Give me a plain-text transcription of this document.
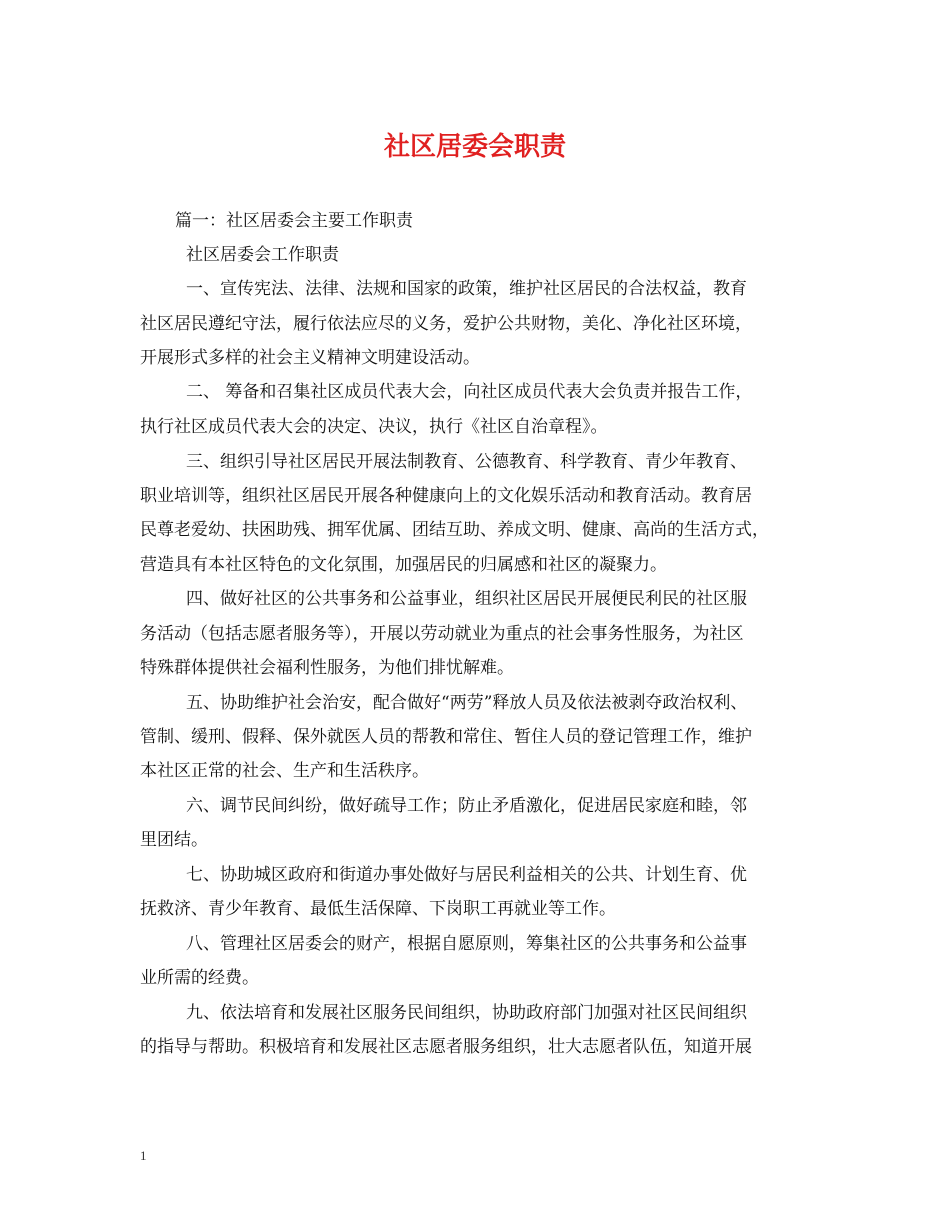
社区居委会职责
篇一：社区居委会主要工作职责
社区居委会工作职责
一、宣传宪法、法律、法规和国家的政策，维护社区居民的合法权益，教育
社区居民遵纪守法，履行依法应尽的义务，爱护公共财物，美化、净化社区环境，
开展形式多样的社会主义精神文明建设活动。
二、 筹备和召集社区成员代表大会，向社区成员代表大会负责并报告工作，
执行社区成员代表大会的决定、决议，执行《社区自治章程》。
三、组织引导社区居民开展法制教育、公德教育、科学教育、青少年教育、
职业培训等，组织社区居民开展各种健康向上的文化娱乐活动和教育活动。教育居
民尊老爱幼、扶困助残、拥军优属、团结互助、养成文明、健康、高尚的生活方式，
营造具有本社区特色的文化氛围，加强居民的归属感和社区的凝聚力。
四、做好社区的公共事务和公益事业，组织社区居民开展便民利民的社区服
务活动（包括志愿者服务等），开展以劳动就业为重点的社会事务性服务，为社区
特殊群体提供社会福利性服务，为他们排忧解难。
五、协助维护社会治安，配合做好“两劳”释放人员及依法被剥夺政治权利、
管制、缓刑、假释、保外就医人员的帮教和常住、暂住人员的登记管理工作，维护
本社区正常的社会、生产和生活秩序。
六、调节民间纠纷，做好疏导工作；防止矛盾激化，促进居民家庭和睦，邻
里团结。
七、协助城区政府和街道办事处做好与居民利益相关的公共、计划生育、优
抚救济、青少年教育、最低生活保障、下岗职工再就业等工作。
八、管理社区居委会的财产，根据自愿原则，筹集社区的公共事务和公益事
业所需的经费。
九、依法培育和发展社区服务民间组织，协助政府部门加强对社区民间组织
的指导与帮助。积极培育和发展社区志愿者服务组织，壮大志愿者队伍，知道开展
1
